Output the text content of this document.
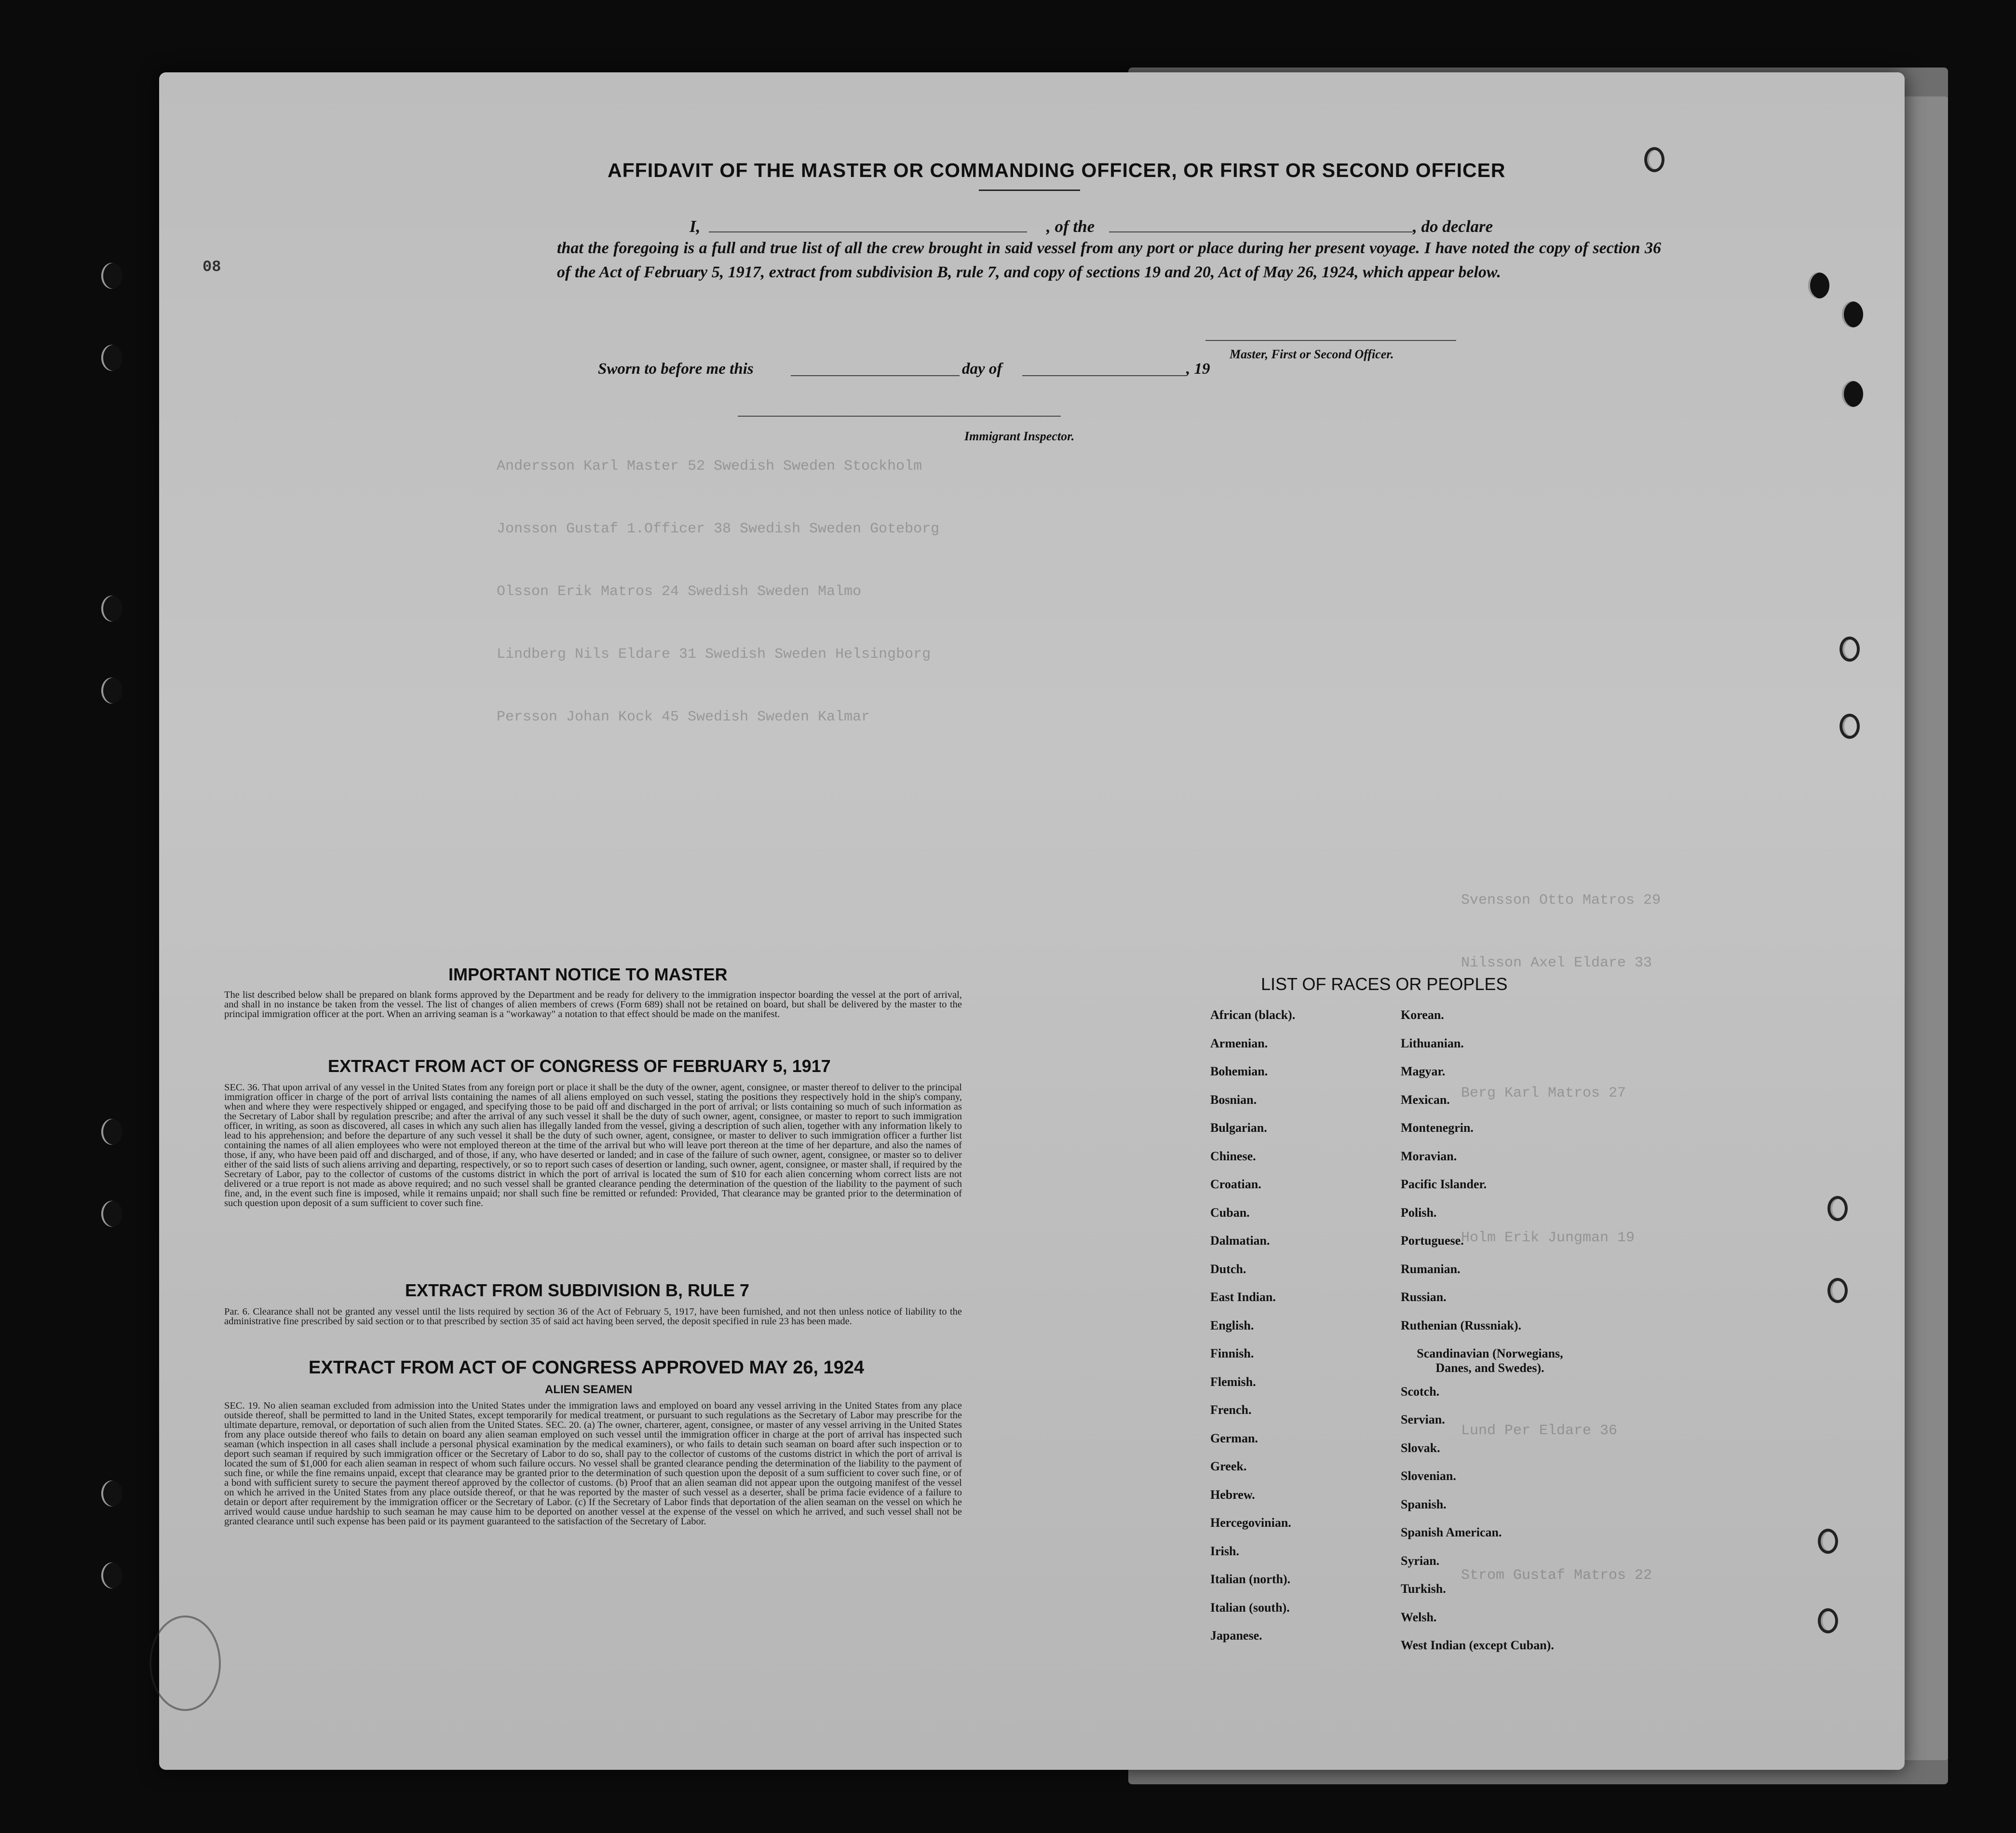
Andersson Karl Master 52 Swedish Sweden Stockholm
Jonsson Gustaf 1.Officer 38 Swedish Sweden Goteborg
Olsson Erik Matros 24 Swedish Sweden Malmo
Lindberg Nils Eldare 31 Swedish Sweden Helsingborg
Persson Johan Kock 45 Swedish Sweden Kalmar
Svensson Otto Matros 29
Nilsson Axel Eldare 33
Berg Karl Matros 27
Holm Erik Jungman 19
Lund Per Eldare 36
Strom Gustaf Matros 22
08
AFFIDAVIT OF THE MASTER OR COMMANDING OFFICER, OR FIRST OR SECOND OFFICER
I,	, of the	, do declare
that the foregoing is a full and true list of all the crew brought in said vessel from any port or place during her present voyage. I have noted the copy of section 36 of the Act of February 5, 1917, extract from subdivision B, rule 7, and copy of sections 19 and 20, Act of May 26, 1924, which appear below.
Master, First or Second Officer.
Sworn to before me this	day of	, 19
Immigrant Inspector.
IMPORTANT NOTICE TO MASTER
The list described below shall be prepared on blank forms approved by the Department and be ready for delivery to the immigration inspector boarding the vessel at the port of arrival, and shall in no instance be taken from the vessel. The list of changes of alien members of crews (Form 689) shall not be retained on board, but shall be delivered by the master to the principal immigration officer at the port. When an arriving seaman is a "workaway" a notation to that effect should be made on the manifest.
EXTRACT FROM ACT OF CONGRESS OF FEBRUARY 5, 1917
SEC. 36. That upon arrival of any vessel in the United States from any foreign port or place it shall be the duty of the owner, agent, consignee, or master thereof to deliver to the principal immigration officer in charge of the port of arrival lists containing the names of all aliens employed on such vessel, stating the positions they respectively hold in the ship's company, when and where they were respectively shipped or engaged, and specifying those to be paid off and discharged in the port of arrival; or lists containing so much of such information as the Secretary of Labor shall by regulation prescribe; and after the arrival of any such vessel it shall be the duty of such owner, agent, consignee, or master to report to such immigration officer, in writing, as soon as discovered, all cases in which any such alien has illegally landed from the vessel, giving a description of such alien, together with any information likely to lead to his apprehension; and before the departure of any such vessel it shall be the duty of such owner, agent, consignee, or master to deliver to such immigration officer a further list containing the names of all alien employees who were not employed thereon at the time of the arrival but who will leave port thereon at the time of her departure, and also the names of those, if any, who have been paid off and discharged, and of those, if any, who have deserted or landed; and in case of the failure of such owner, agent, consignee, or master so to deliver either of the said lists of such aliens arriving and departing, respectively, or so to report such cases of desertion or landing, such owner, agent, consignee, or master shall, if required by the Secretary of Labor, pay to the collector of customs of the customs district in which the port of arrival is located the sum of $10 for each alien concerning whom correct lists are not delivered or a true report is not made as above required; and no such vessel shall be granted clearance pending the determination of the question of the liability to the payment of such fine, and, in the event such fine is imposed, while it remains unpaid; nor shall such fine be remitted or refunded: Provided, That clearance may be granted prior to the determination of such question upon deposit of a sum sufficient to cover such fine.
EXTRACT FROM SUBDIVISION B, RULE 7
Par. 6. Clearance shall not be granted any vessel until the lists required by section 36 of the Act of February 5, 1917, have been furnished, and not then unless notice of liability to the administrative fine prescribed by said section or to that prescribed by section 35 of said act having been served, the deposit specified in rule 23 has been made.
EXTRACT FROM ACT OF CONGRESS APPROVED MAY 26, 1924
ALIEN SEAMEN
SEC. 19. No alien seaman excluded from admission into the United States under the immigration laws and employed on board any vessel arriving in the United States from any place outside thereof, shall be permitted to land in the United States, except temporarily for medical treatment, or pursuant to such regulations as the Secretary of Labor may prescribe for the ultimate departure, removal, or deportation of such alien from the United States. SEC. 20. (a) The owner, charterer, agent, consignee, or master of any vessel arriving in the United States from any place outside thereof who fails to detain on board any alien seaman employed on such vessel until the immigration officer in charge at the port of arrival has inspected such seaman (which inspection in all cases shall include a personal physical examination by the medical examiners), or who fails to detain such seaman on board after such inspection or to deport such seaman if required by such immigration officer or the Secretary of Labor to do so, shall pay to the collector of customs of the customs district in which the port of arrival is located the sum of $1,000 for each alien seaman in respect of whom such failure occurs. No vessel shall be granted clearance pending the determination of the liability to the payment of such fine, or while the fine remains unpaid, except that clearance may be granted prior to the determination of such question upon the deposit of a sum sufficient to cover such fine, or of a bond with sufficient surety to secure the payment thereof approved by the collector of customs. (b) Proof that an alien seaman did not appear upon the outgoing manifest of the vessel on which he arrived in the United States from any place outside thereof, or that he was reported by the master of such vessel as a deserter, shall be prima facie evidence of a failure to detain or deport after requirement by the immigration officer or the Secretary of Labor. (c) If the Secretary of Labor finds that deportation of the alien seaman on the vessel on which he arrived would cause undue hardship to such seaman he may cause him to be deported on another vessel at the expense of the vessel on which he arrived, and such vessel shall not be granted clearance until such expense has been paid or its payment guaranteed to the satisfaction of the Secretary of Labor.
LIST OF RACES OR PEOPLES
African (black).
Armenian.
Bohemian.
Bosnian.
Bulgarian.
Chinese.
Croatian.
Cuban.
Dalmatian.
Dutch.
East Indian.
English.
Finnish.
Flemish.
French.
German.
Greek.
Hebrew.
Hercegovinian.
Irish.
Italian (north).
Italian (south).
Japanese.
Korean.
Lithuanian.
Magyar.
Mexican.
Montenegrin.
Moravian.
Pacific Islander.
Polish.
Portuguese.
Rumanian.
Russian.
Ruthenian (Russniak).
Scandinavian (Norwegians, Danes, and Swedes).
Scotch.
Servian.
Slovak.
Slovenian.
Spanish.
Spanish American.
Syrian.
Turkish.
Welsh.
West Indian (except Cuban).
